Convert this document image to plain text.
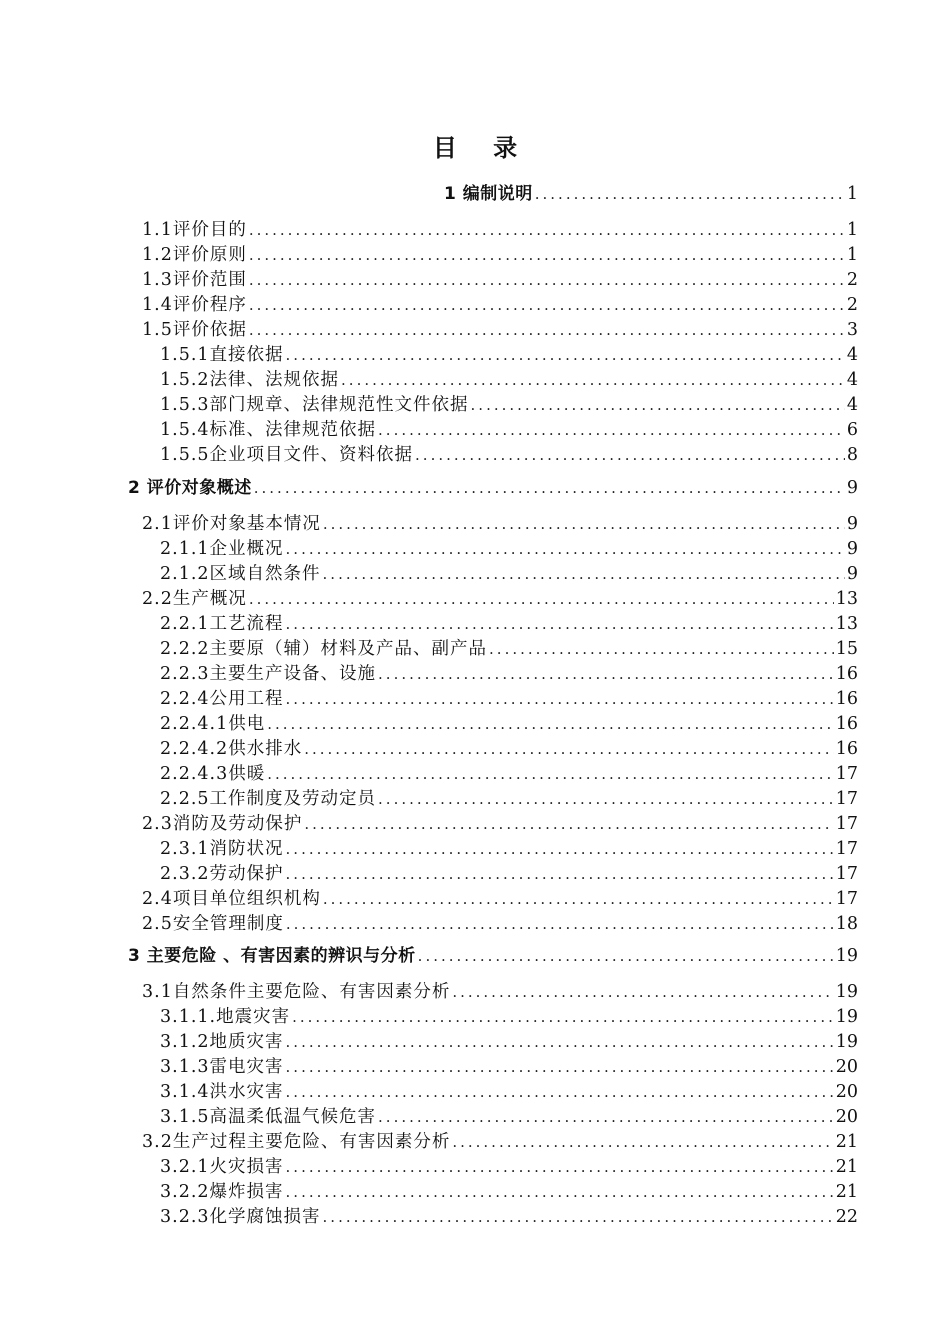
目 录
1 编制说明 .....	1
1.1评价目的 .....	1
1.2评价原则 .....	1
1.3评价范围 .....	2
1.4评价程序 .....	2
1.5评价依据 .....	3
1.5.1直接依据 .....	4
1.5.2法律、法规依据 .....	4
1.5.3部门规章、法律规范性文件依据 .....	4
1.5.4标准、法律规范依据 .....	6
1.5.5企业项目文件、资料依据 .....	8
2 评价对象概述 .....	9
2.1评价对象基本情况 .....	9
2.1.1企业概况 .....	9
2.1.2区域自然条件 .....	9
2.2生产概况 .....	13
2.2.1工艺流程 .....	13
2.2.2主要原（辅）材料及产品、副产品 .....	15
2.2.3主要生产设备、设施 .....	16
2.2.4公用工程 .....	16
2.2.4.1供电 .....	16
2.2.4.2供水排水 .....	16
2.2.4.3供暖 .....	17
2.2.5工作制度及劳动定员 .....	17
2.3消防及劳动保护 .....	17
2.3.1消防状况 .....	17
2.3.2劳动保护 .....	17
2.4项目单位组织机构 .....	17
2.5安全管理制度 .....	18
3 主要危险 、有害因素的辨识与分析 .....	19
3.1自然条件主要危险、有害因素分析 .....	19
3.1.1.地震灾害 .....	19
3.1.2地质灾害 .....	19
3.1.3雷电灾害 .....	20
3.1.4洪水灾害 .....	20
3.1.5高温柔低温气候危害 .....	20
3.2生产过程主要危险、有害因素分析 .....	21
3.2.1火灾损害 .....	21
3.2.2爆炸损害 .....	21
3.2.3化学腐蚀损害 .....	22
